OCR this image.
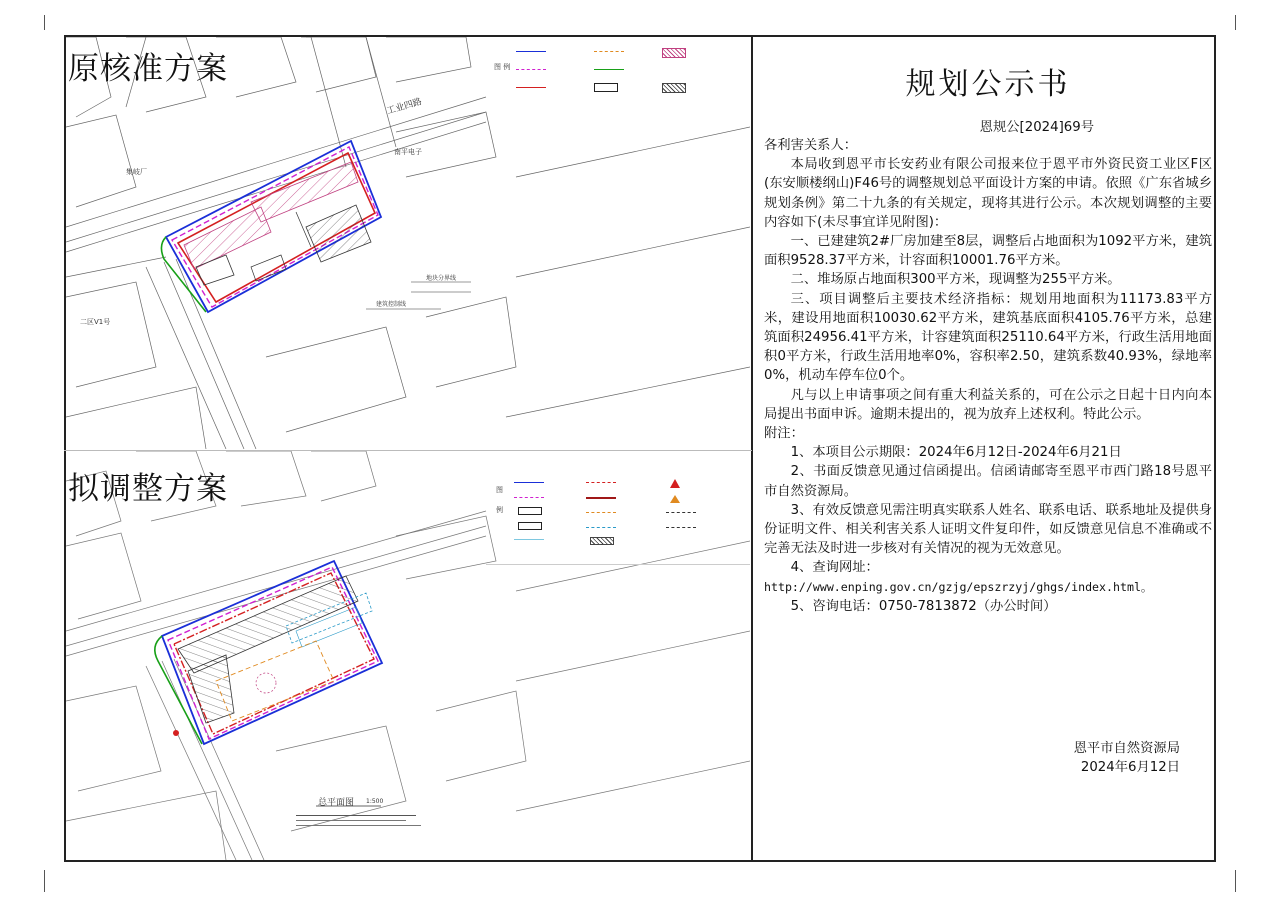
原核准方案
工业四路
南平电子
集岐厂
二区V1号
地块分界线
建筑控制线
图 例
拟调整方案
总平面图 1:500
图
例
规划公示书
恩规公[2024]69号

各利害关系人：

本局收到恩平市长安药业有限公司报来位于恩平市外资民资工业区F区(东安顺楼纲山)F46号的调整规划总平面设计方案的申请。依照《广东省城乡规划条例》第二十九条的有关规定，现将其进行公示。本次规划调整的主要内容如下(未尽事宜详见附图)：

一、已建建筑2#厂房加建至8层，调整后占地面积为1092平方米，建筑面积9528.37平方米，计容面积10001.76平方米。

二、堆场原占地面积300平方米，现调整为255平方米。

三、项目调整后主要技术经济指标：规划用地面积为11173.83平方米，建设用地面积10030.62平方米，建筑基底面积4105.76平方米，总建筑面积24956.41平方米，计容建筑面积25110.64平方米，行政生活用地面积0平方米，行政生活用地率0%，容积率2.50，建筑系数40.93%，绿地率0%，机动车停车位0个。

凡与以上申请事项之间有重大利益关系的，可在公示之日起十日内向本局提出书面申诉。逾期未提出的，视为放弃上述权利。特此公示。

附注：

1、本项目公示期限：2024年6月12日-2024年6月21日

2、书面反馈意见通过信函提出。信函请邮寄至恩平市西门路18号恩平市自然资源局。

3、有效反馈意见需注明真实联系人姓名、联系电话、联系地址及提供身份证明文件、相关利害关系人证明文件复印件，如反馈意见信息不准确或不完善无法及时进一步核对有关情况的视为无效意见。

4、查询网址：

http://www.enping.gov.cn/gzjg/epszrzyj/ghgs/index.html。

5、咨询电话：0750-7813872（办公时间）

恩平市自然资源局
2024年6月12日
